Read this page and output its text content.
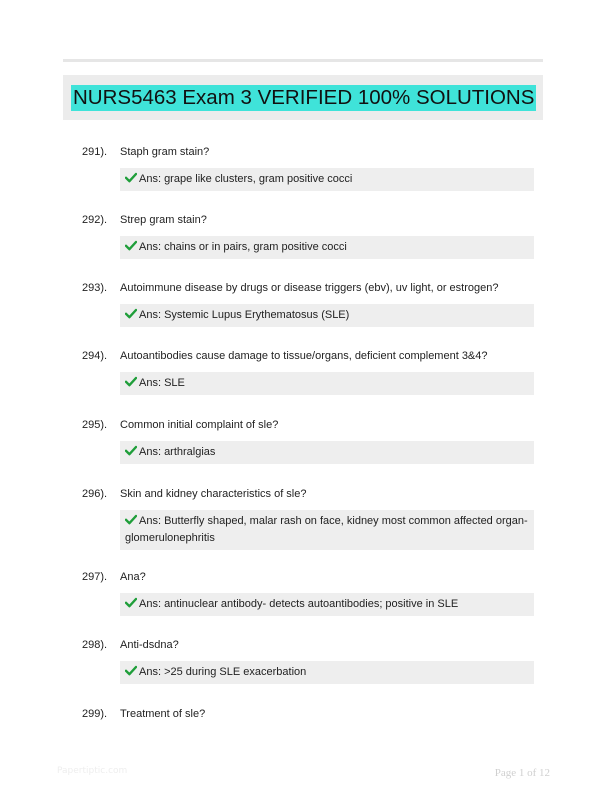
NURS5463 Exam 3 VERIFIED 100% SOLUTIONS
291). Staph gram stain?
Ans: grape like clusters, gram positive cocci
292). Strep gram stain?
Ans: chains or in pairs, gram positive cocci
293). Autoimmune disease by drugs or disease triggers (ebv), uv light, or estrogen?
Ans: Systemic Lupus Erythematosus (SLE)
294). Autoantibodies cause damage to tissue/organs, deficient complement 3&4?
Ans: SLE
295). Common initial complaint of sle?
Ans: arthralgias
296). Skin and kidney characteristics of sle?
Ans: Butterfly shaped, malar rash on face, kidney most common affected organ-glomerulonephritis
297). Ana?
Ans: antinuclear antibody- detects autoantibodies; positive in SLE
298). Anti-dsdna?
Ans: >25 during SLE exacerbation
299). Treatment of sle?
Papertiptic.com	Page 1 of 12
